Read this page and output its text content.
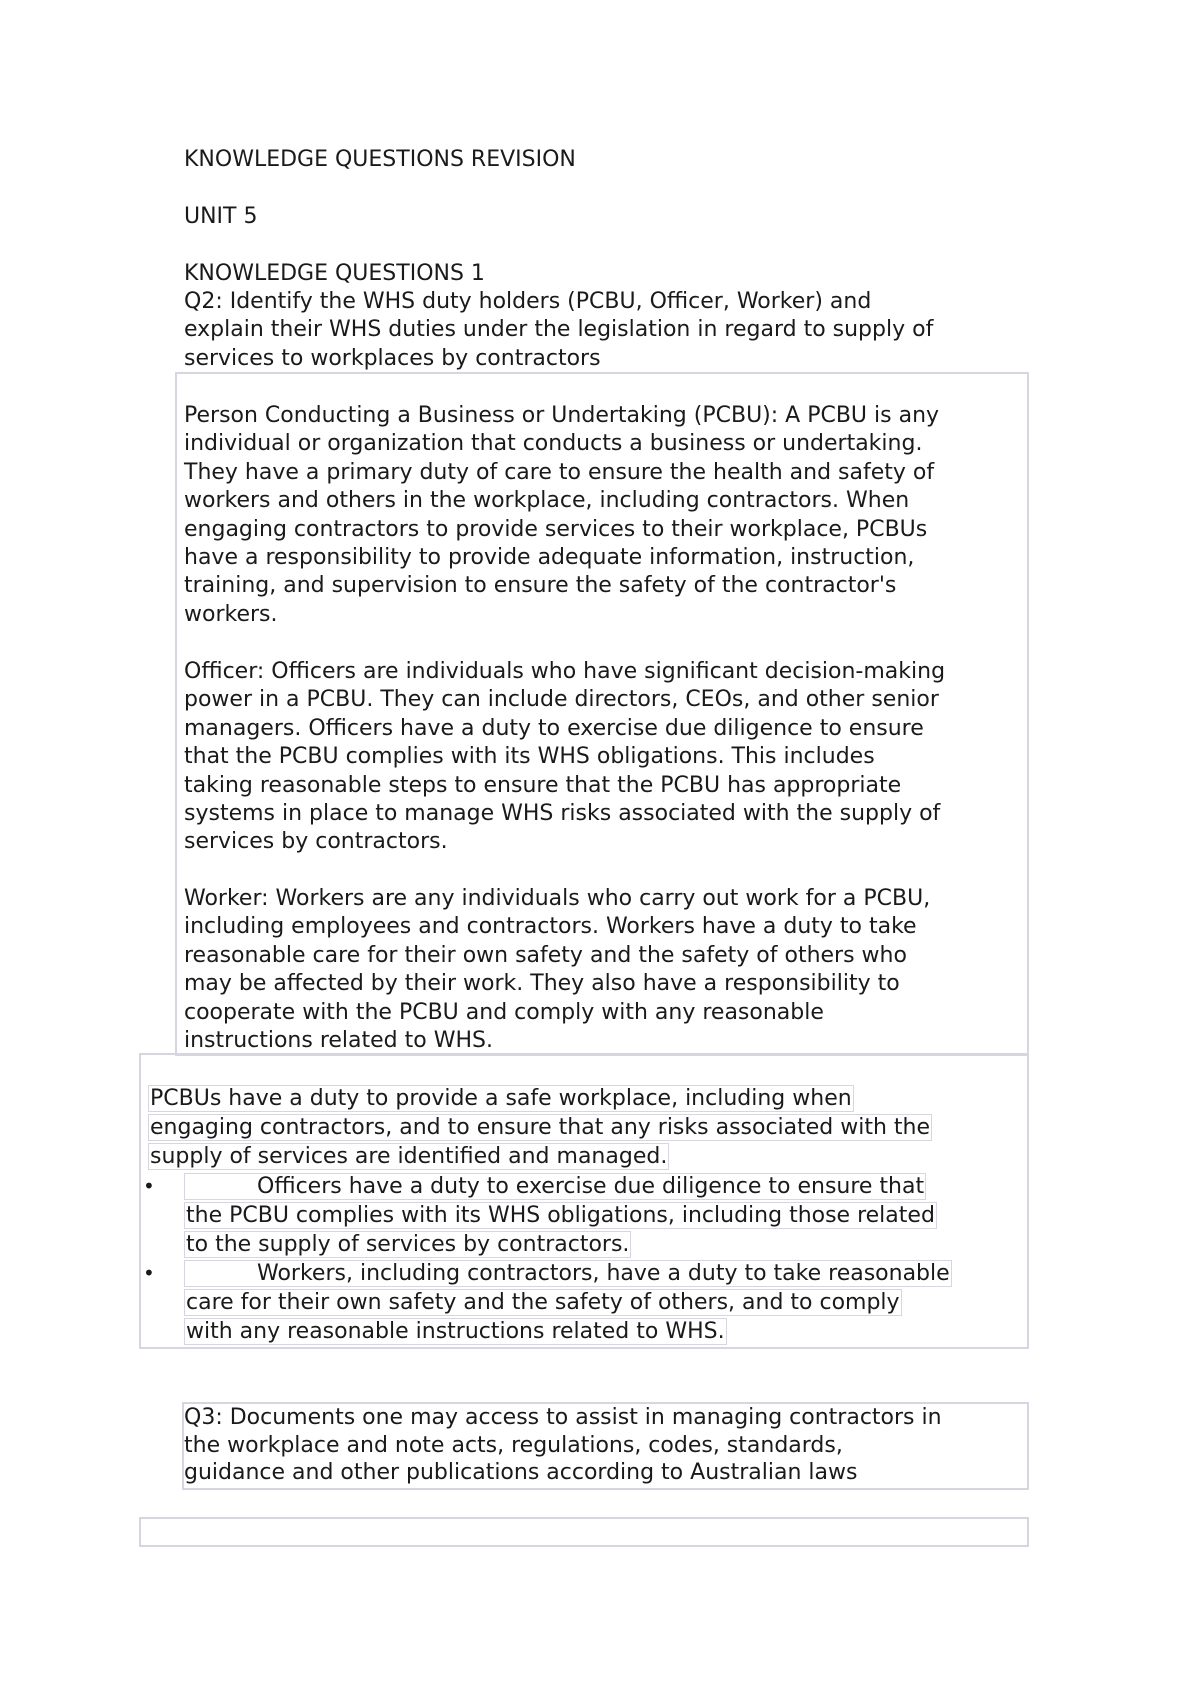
KNOWLEDGE QUESTIONS REVISION

UNIT 5

KNOWLEDGE QUESTIONS 1

Q2: Identify the WHS duty holders (PCBU, Officer, Worker) and

explain their WHS duties under the legislation in regard to supply of

services to workplaces by contractors

Person Conducting a Business or Undertaking (PCBU): A PCBU is any

individual or organization that conducts a business or undertaking.

They have a primary duty of care to ensure the health and safety of

workers and others in the workplace, including contractors. When

engaging contractors to provide services to their workplace, PCBUs

have a responsibility to provide adequate information, instruction,

training, and supervision to ensure the safety of the contractor's

workers.

Officer: Officers are individuals who have significant decision-making

power in a PCBU. They can include directors, CEOs, and other senior

managers. Officers have a duty to exercise due diligence to ensure

that the PCBU complies with its WHS obligations. This includes

taking reasonable steps to ensure that the PCBU has appropriate

systems in place to manage WHS risks associated with the supply of

services by contractors.

Worker: Workers are any individuals who carry out work for a PCBU,

including employees and contractors. Workers have a duty to take

reasonable care for their own safety and the safety of others who

may be affected by their work. They also have a responsibility to

cooperate with the PCBU and comply with any reasonable

instructions related to WHS.

PCBUs have a duty to provide a safe workplace, including when

engaging contractors, and to ensure that any risks associated with the

supply of services are identified and managed.

•	Officers have a duty to exercise due diligence to ensure that

the PCBU complies with its WHS obligations, including those related

to the supply of services by contractors.

•	Workers, including contractors, have a duty to take reasonable

care for their own safety and the safety of others, and to comply

with any reasonable instructions related to WHS.

Q3: Documents one may access to assist in managing contractors in

the workplace and note acts, regulations, codes, standards,

guidance and other publications according to Australian laws
